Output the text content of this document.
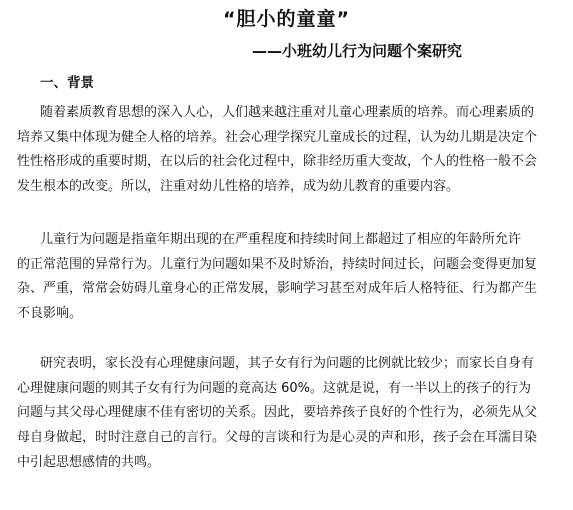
“胆小的童童”
——小班幼儿行为问题个案研究
一、背景
随着素质教育思想的深入人心，人们越来越注重对儿童心理素质的培养。而心理素质的
培养又集中体现为健全人格的培养。社会心理学探究儿童成长的过程，认为幼儿期是决定个
性性格形成的重要时期，在以后的社会化过程中，除非经历重大变故，个人的性格一般不会
发生根本的改变。所以，注重对幼儿性格的培养，成为幼儿教育的重要内容。
儿童行为问题是指童年期出现的在严重程度和持续时间上都超过了相应的年龄所允许
的正常范围的异常行为。儿童行为问题如果不及时矫治，持续时间过长，问题会变得更加复
杂、严重，常常会妨碍儿童身心的正常发展，影响学习甚至对成年后人格特征、行为都产生
不良影响。
研究表明，家长没有心理健康问题，其子女有行为问题的比例就比较少；而家长自身有
心理健康问题的则其子女有行为问题的竟高达 60%。这就是说，有一半以上的孩子的行为
问题与其父母心理健康不佳有密切的关系。因此，要培养孩子良好的个性行为，必须先从父
母自身做起，时时注意自己的言行。父母的言谈和行为是心灵的声和形，孩子会在耳濡目染
中引起思想感情的共鸣。
